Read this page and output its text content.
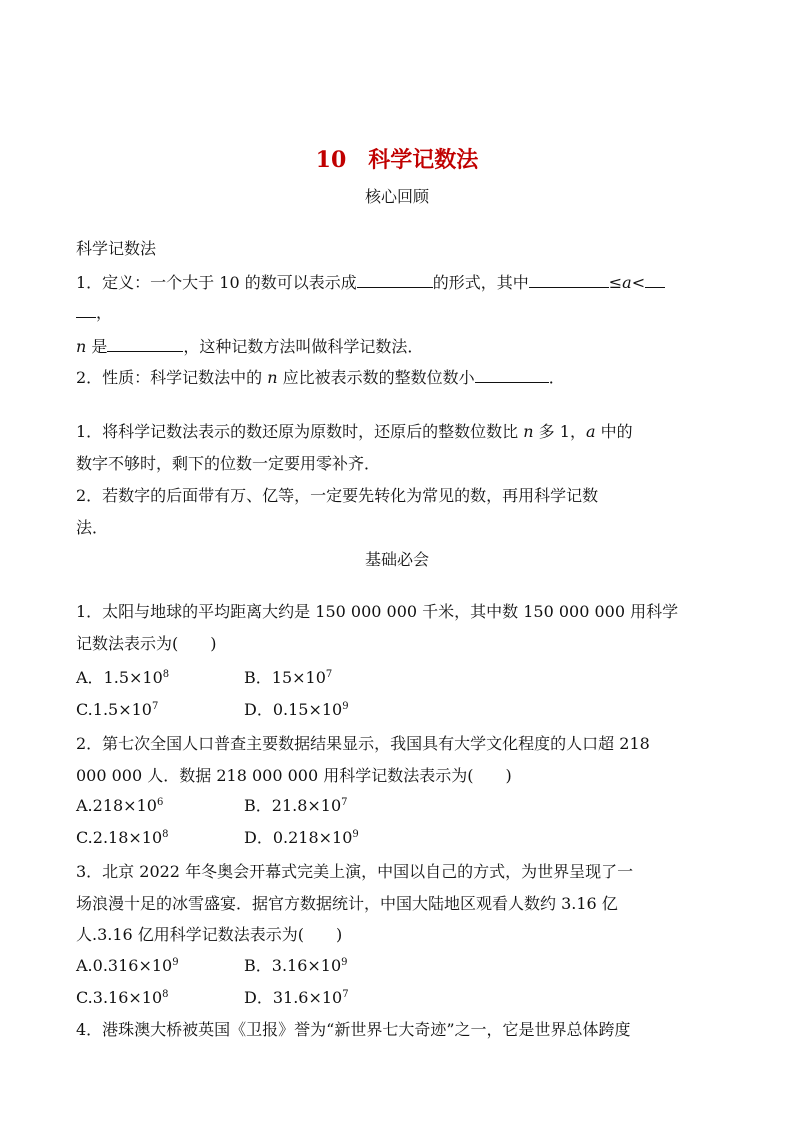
10 科学记数法
核心回顾
科学记数法
1．定义：一个大于 10 的数可以表示成	的形式，其中	≤a<
，
n 是	，这种记数方法叫做科学记数法．
2．性质：科学记数法中的 n 应比被表示数的整数位数小	．
1．将科学记数法表示的数还原为原数时，还原后的整数位数比 n 多 1，a 中的
数字不够时，剩下的位数一定要用零补齐．
2．若数字的后面带有万、亿等，一定要先转化为常见的数，再用科学记数
法．
基础必会
1．太阳与地球的平均距离大约是 150 000 000 千米，其中数 150 000 000 用科学
记数法表示为(　　)
A．$1.5\times 10^8$	B．$15\times 10^7$
$C.1.5\times 10^7$	D．$0.15\times 10^9$
2．第七次全国人口普查主要数据结果显示，我国具有大学文化程度的人口超 218
000 000 人．数据 218 000 000 用科学记数法表示为(　　)
$A.218\times 10^6$	B．$21.8\times 10^7$
$C.2.18\times 10^8$	D．$0.218\times 10^9$
3．北京 2022 年冬奥会开幕式完美上演，中国以自己的方式，为世界呈现了一
场浪漫十足的冰雪盛宴．据官方数据统计，中国大陆地区观看人数约 3.16 亿
人.3.16 亿用科学记数法表示为(　　)
$A.0.316\times 10^9$	B．$3.16\times 10^9$
$C.3.16\times 10^8$	D．$31.6\times 10^7$
4．港珠澳大桥被英国《卫报》誉为“新世界七大奇迹”之一，它是世界总体跨度
